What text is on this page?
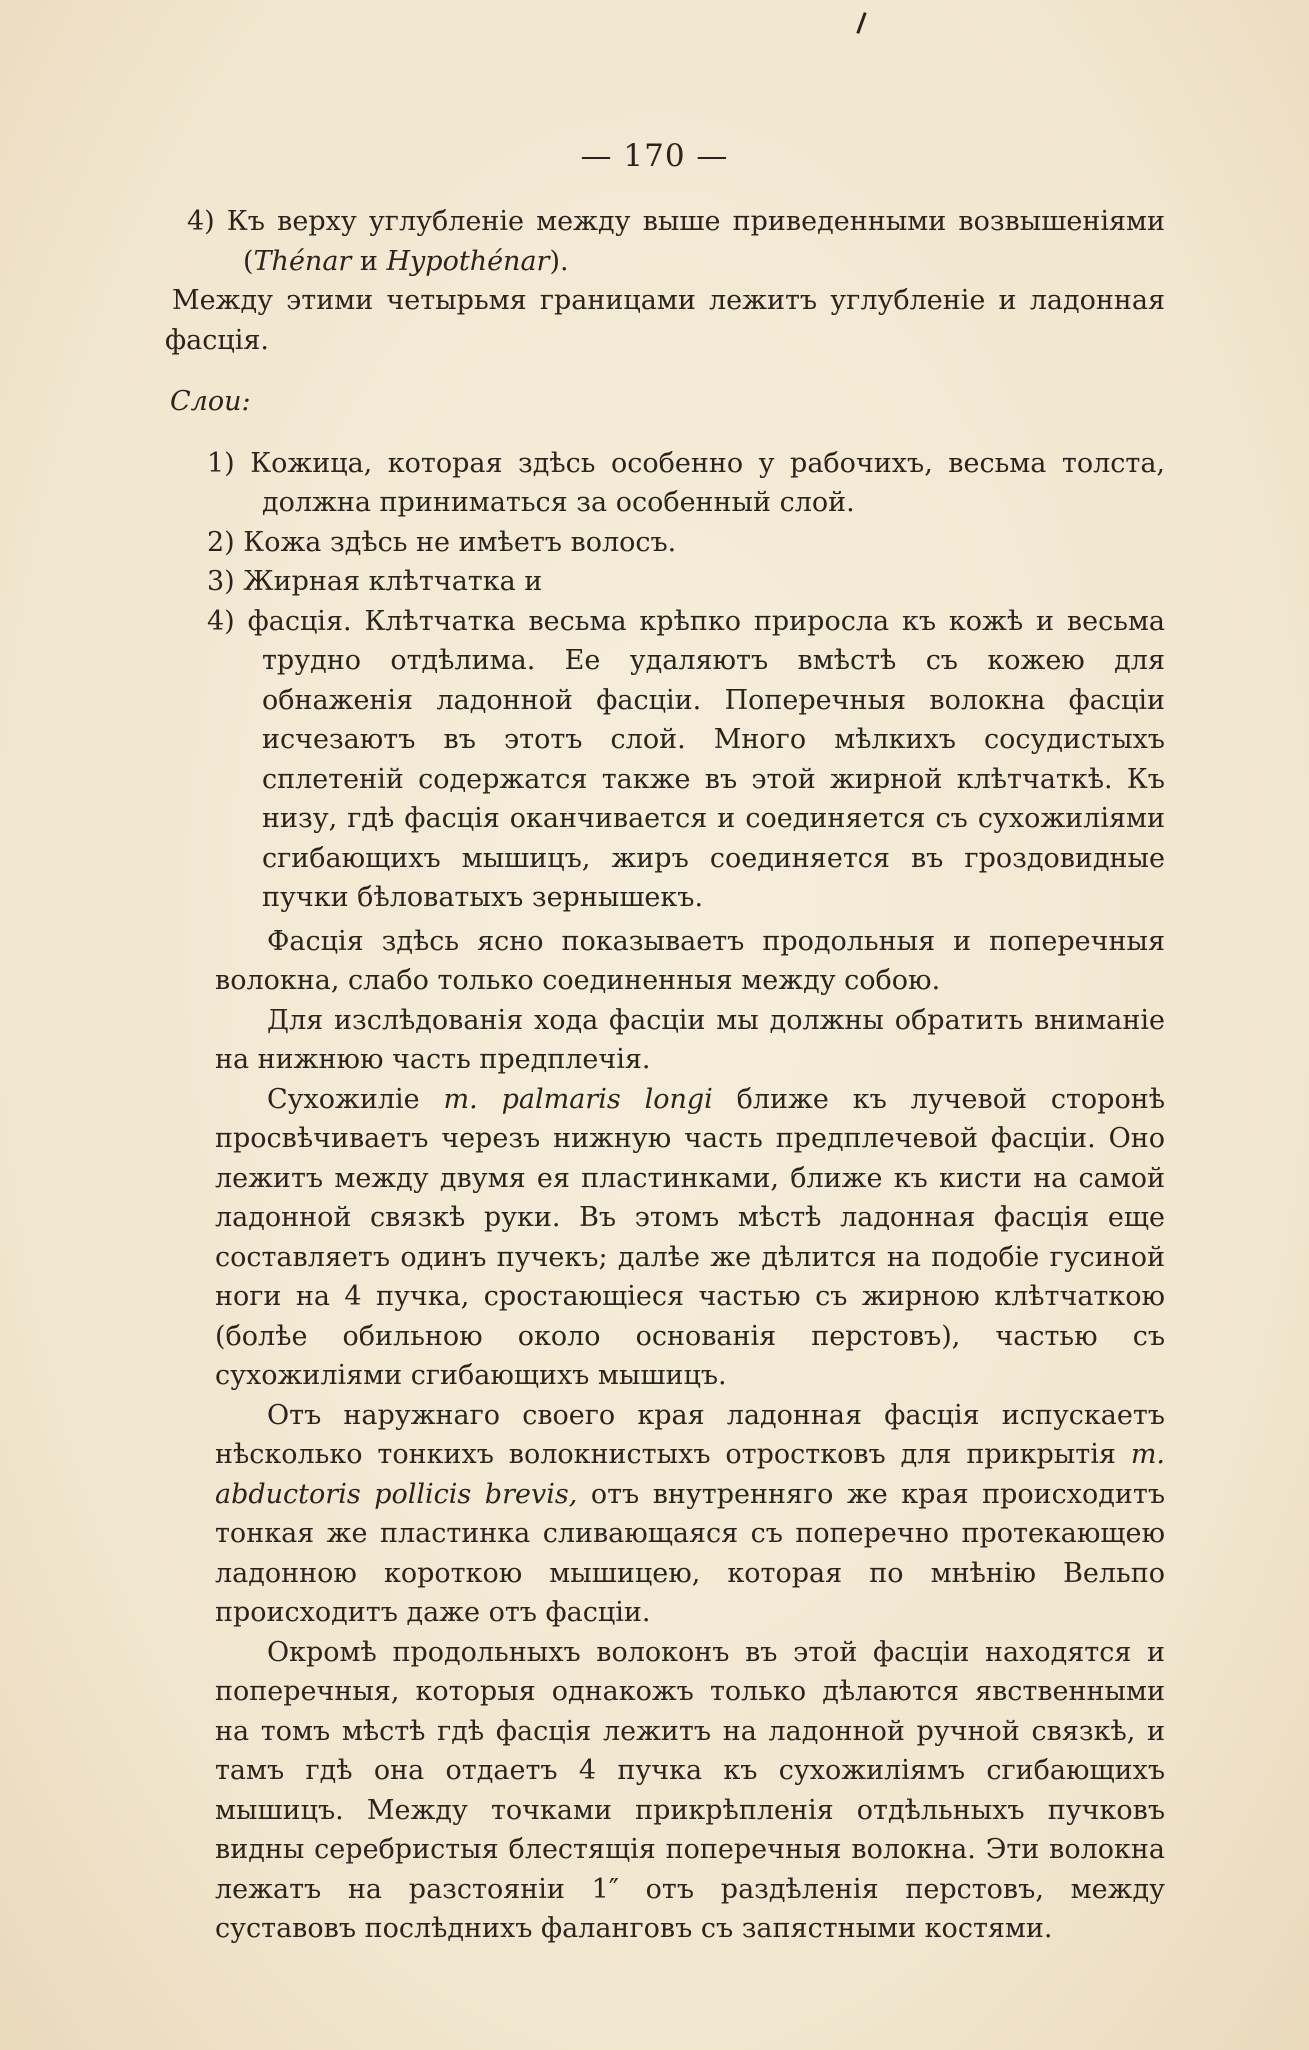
— 170 —

4) Къ верху углубленіе между выше приведенными возвышеніями (Thénar и Hypothénar).

Между этими четырьмя границами лежитъ углубленіе и ладонная фасція.

Слои:

1) Кожица, которая здѣсь особенно у рабочихъ, весьма толста, должна приниматься за особенный слой.

2) Кожа здѣсь не имѣетъ волосъ.

3) Жирная клѣтчатка и

4) фасція. Клѣтчатка весьма крѣпко приросла къ кожѣ и весьма трудно отдѣлима. Ее удаляютъ вмѣстѣ съ кожею для обнаженія ладонной фасціи. Поперечныя волокна фасціи исчезаютъ въ этотъ слой. Много мѣлкихъ сосудистыхъ сплетеній содержатся также въ этой жирной клѣтчаткѣ. Къ низу, гдѣ фасція оканчивается и соединяется съ сухожиліями сгибающихъ мышицъ, жиръ соединяется въ гроздовидные пучки бѣловатыхъ зернышекъ.

Фасція здѣсь ясно показываетъ продольныя и поперечныя волокна, слабо только соединенныя между собою.

Для изслѣдованія хода фасціи мы должны обратить вниманіе на нижнюю часть предплечія.

Сухожиліе m. palmaris longi ближе къ лучевой сторонѣ просвѣчиваетъ черезъ нижную часть предплечевой фасціи. Оно лежитъ между двумя ея пластинками, ближе къ кисти на самой ладонной связкѣ руки. Въ этомъ мѣстѣ ладонная фасція еще составляетъ одинъ пучекъ; далѣе же дѣлится на подобіе гусиной ноги на 4 пучка, сростающіеся частью съ жирною клѣтчаткою (болѣе обильною около основанія перстовъ), частью съ сухожиліями сгибающихъ мышицъ.

Отъ наружнаго своего края ладонная фасція испускаетъ нѣсколько тонкихъ волокнистыхъ отростковъ для прикрытія m. abductoris pollicis brevis, отъ внутренняго же края происходитъ тонкая же пластинка сливающаяся съ поперечно протекающею ладонною короткою мышицею, которая по мнѣнію Вельпо происходитъ даже отъ фасціи.

Окромѣ продольныхъ волоконъ въ этой фасціи находятся и поперечныя, которыя однакожъ только дѣлаются явственными на томъ мѣстѣ гдѣ фасція лежитъ на ладонной ручной связкѣ, и тамъ гдѣ она отдаетъ 4 пучка къ сухожиліямъ сгибающихъ мышицъ. Между точками прикрѣпленія отдѣльныхъ пучковъ видны серебристыя блестящія поперечныя волокна. Эти волокна лежатъ на разстояніи 1″ отъ раздѣленія перстовъ, между суставовъ послѣднихъ фаланговъ съ запястными костями.
